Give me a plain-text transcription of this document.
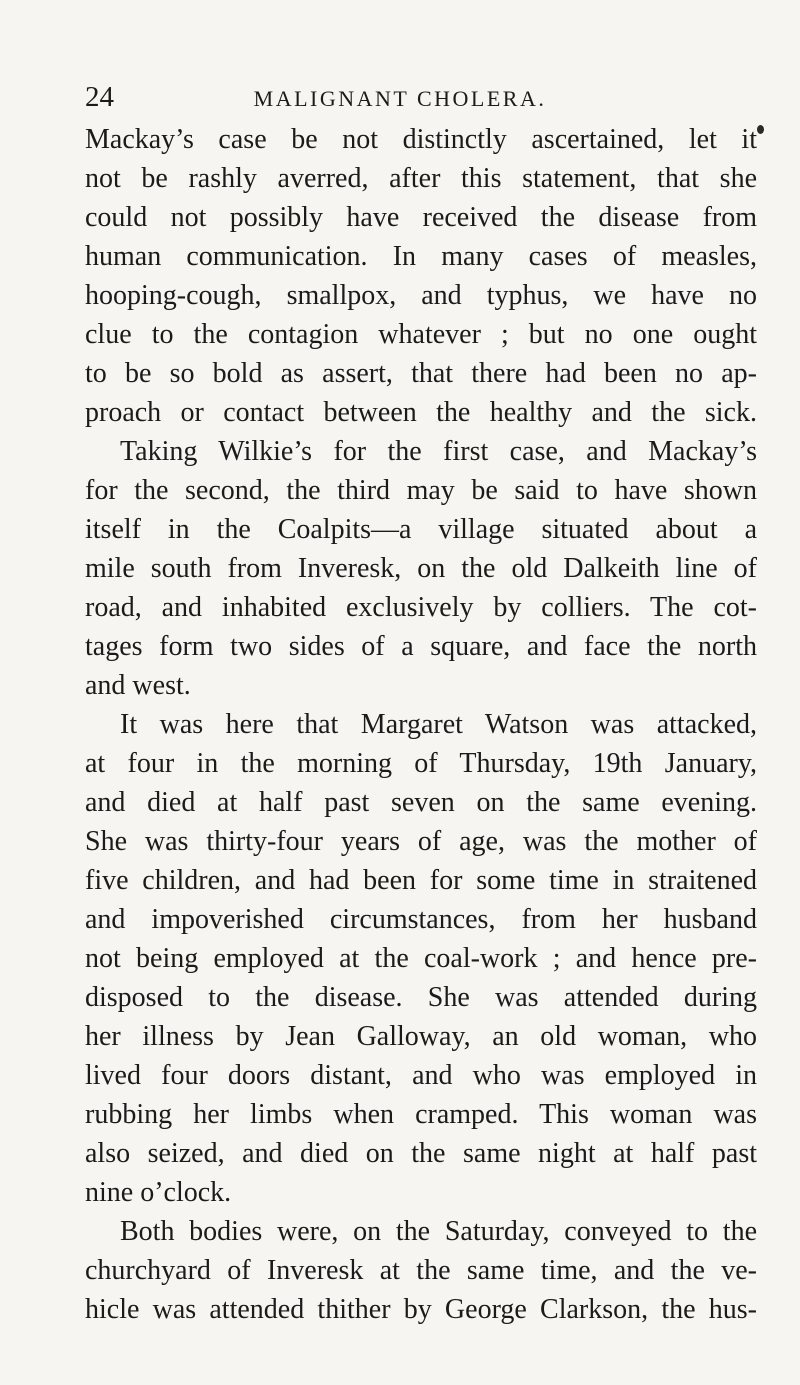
24	MALIGNANT CHOLERA.
Mackay’s case be not distinctly ascertained, let it
not be rashly averred, after this statement, that she
could not possibly have received the disease from
human communication. In many cases of measles,
hooping-cough, smallpox, and typhus, we have no
clue to the contagion whatever ; but no one ought
to be so bold as assert, that there had been no ap-
proach or contact between the healthy and the sick.
Taking Wilkie’s for the first case, and Mackay’s
for the second, the third may be said to have shown
itself in the Coalpits—a village situated about a
mile south from Inveresk, on the old Dalkeith line of
road, and inhabited exclusively by colliers. The cot-
tages form two sides of a square, and face the north
and west.
It was here that Margaret Watson was attacked,
at four in the morning of Thursday, 19th January,
and died at half past seven on the same evening.
She was thirty-four years of age, was the mother of
five children, and had been for some time in straitened
and impoverished circumstances, from her husband
not being employed at the coal-work ; and hence pre-
disposed to the disease. She was attended during
her illness by Jean Galloway, an old woman, who
lived four doors distant, and who was employed in
rubbing her limbs when cramped. This woman was
also seized, and died on the same night at half past
nine o’clock.
Both bodies were, on the Saturday, conveyed to the
churchyard of Inveresk at the same time, and the ve-
hicle was attended thither by George Clarkson, the hus-
